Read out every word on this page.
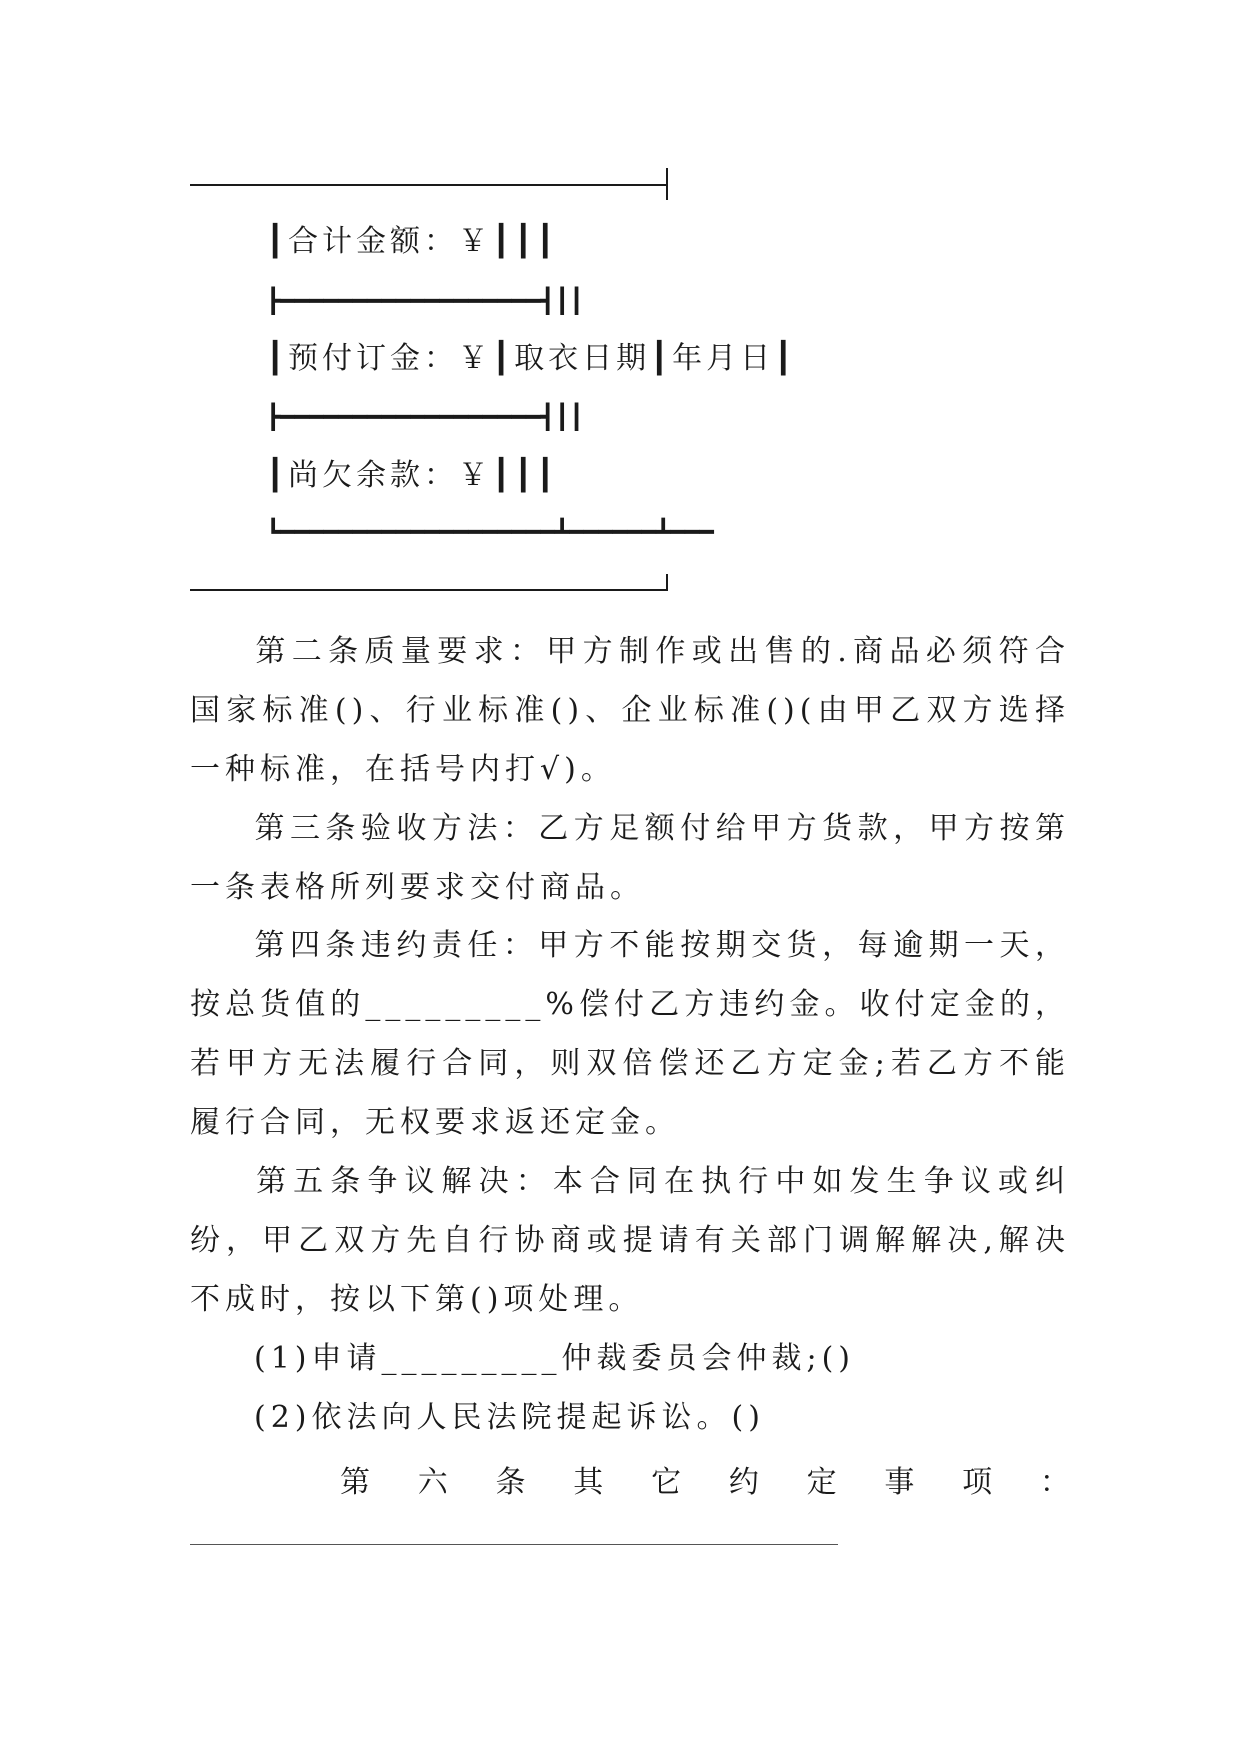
┃合计金额：￥┃┃┃
┣━━━━━━━━━━━━━━━━━━┫┃┃
┃预付订金：￥┃取衣日期┃年月日┃
┣━━━━━━━━━━━━━━━━━━┫┃┃
┃尚欠余款：￥┃┃┃
┗━━━━━━━━━━━━━━━━━━━┻━━━━━━┻━━━
第二条质量要求：甲方制作或出售的.商品必须符合国家标准()、行业标准()、企业标准()(由甲乙双方选择一种标准，在括号内打√)。
第三条验收方法：乙方足额付给甲方货款，甲方按第一条表格所列要求交付商品。
第四条违约责任：甲方不能按期交货，每逾期一天，按总货值的_________%偿付乙方违约金。收付定金的，若甲方无法履行合同，则双倍偿还乙方定金;若乙方不能履行合同，无权要求返还定金。
第五条争议解决：本合同在执行中如发生争议或纠纷，甲乙双方先自行协商或提请有关部门调解解决,解决不成时，按以下第()项处理。
(1)申请_________仲裁委员会仲裁;()
(2)依法向人民法院提起诉讼。()
第 六 条 其 它 约 定 事 项 ：
